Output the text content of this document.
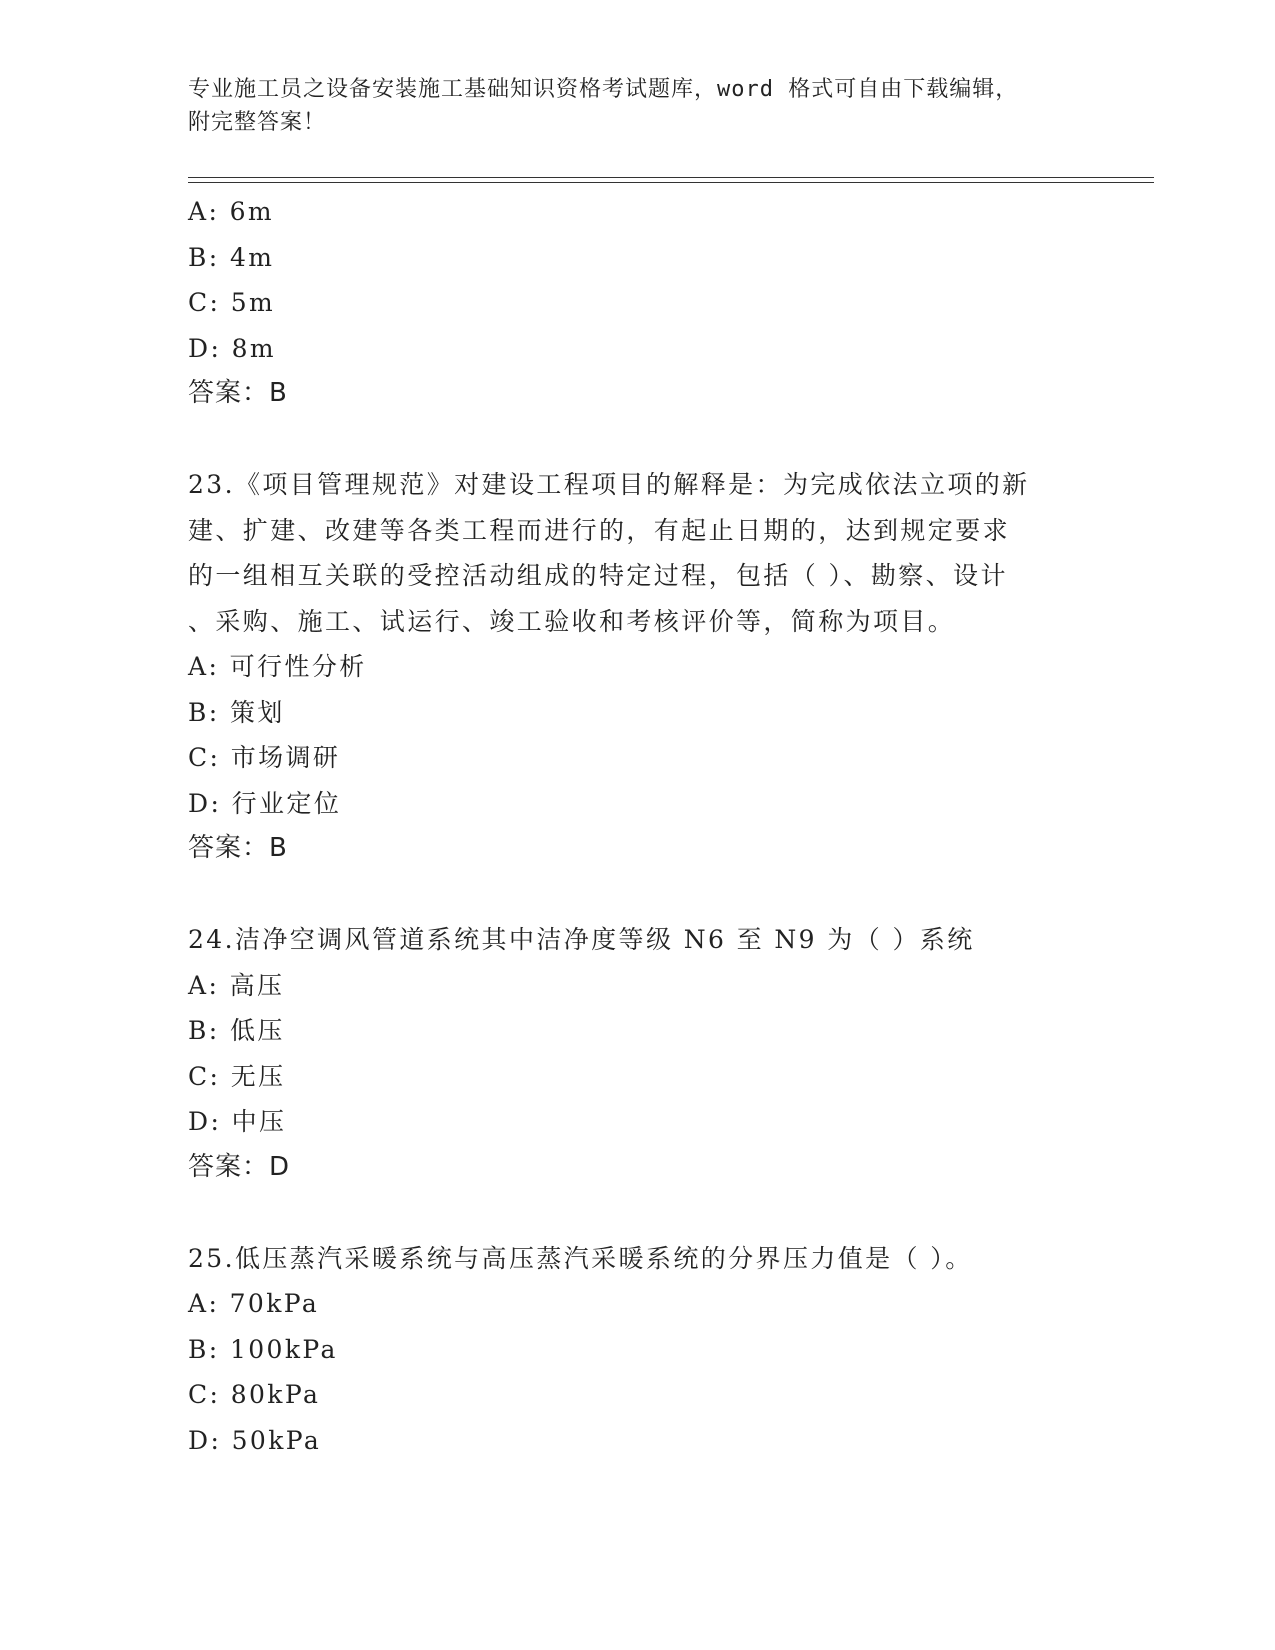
专业施工员之设备安装施工基础知识资格考试题库，word 格式可自由下载编辑，
附完整答案！
A: 6m
B: 4m
C: 5m
D: 8m
答案：B
23.《项目管理规范》对建设工程项目的解释是：为完成依法立项的新
建、扩建、改建等各类工程而进行的，有起止日期的，达到规定要求
的一组相互关联的受控活动组成的特定过程，包括（ ）、勘察、设计
、采购、施工、试运行、竣工验收和考核评价等，简称为项目。
A: 可行性分析
B: 策划
C: 市场调研
D: 行业定位
答案：B
24.洁净空调风管道系统其中洁净度等级 N6 至 N9 为（ ）系统
A: 高压
B: 低压
C: 无压
D: 中压
答案：D
25.低压蒸汽采暖系统与高压蒸汽采暖系统的分界压力值是（ ）。
A: 70kPa
B: 100kPa
C: 80kPa
D: 50kPa
